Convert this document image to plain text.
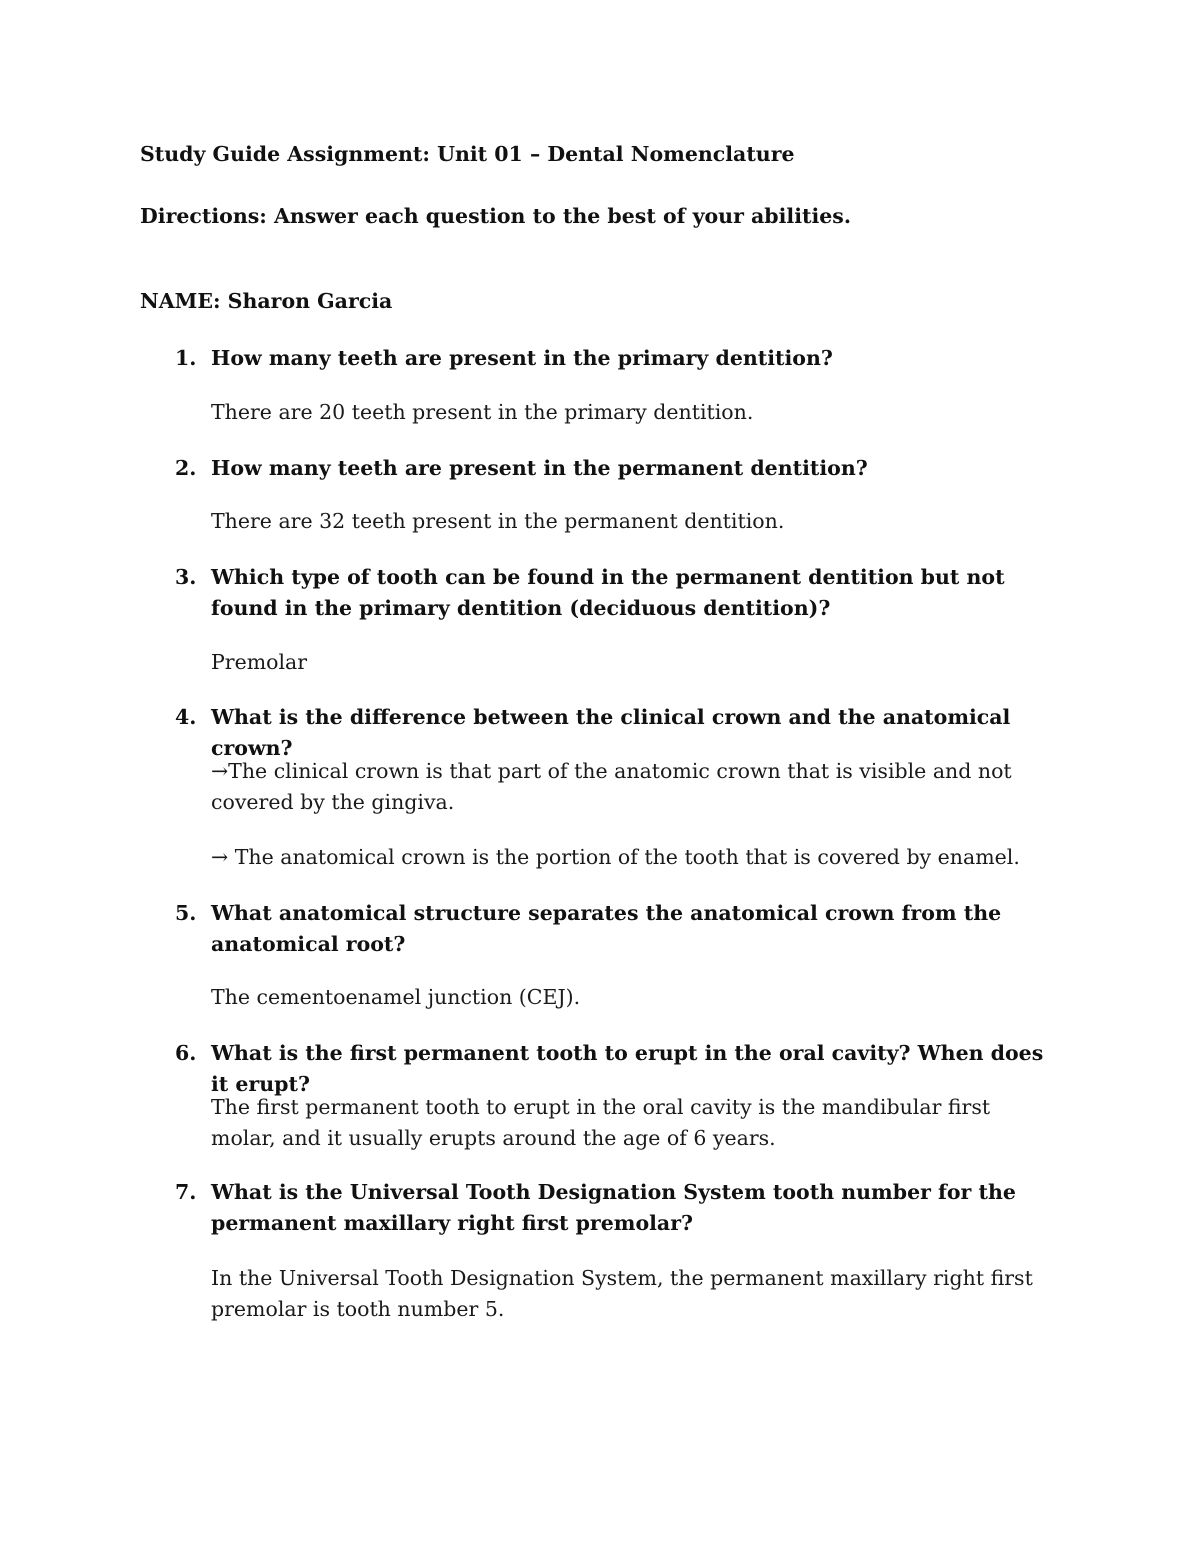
Study Guide Assignment: Unit 01 – Dental Nomenclature
Directions: Answer each question to the best of your abilities.
NAME: Sharon Garcia
1. How many teeth are present in the primary dentition?
There are 20 teeth present in the primary dentition.
2. How many teeth are present in the permanent dentition?
There are 32 teeth present in the permanent dentition.
3. Which type of tooth can be found in the permanent dentition but not found in the primary dentition (deciduous dentition)?
Premolar
4. What is the difference between the clinical crown and the anatomical crown?
→The clinical crown is that part of the anatomic crown that is visible and not covered by the gingiva.
→ The anatomical crown is the portion of the tooth that is covered by enamel.
5. What anatomical structure separates the anatomical crown from the anatomical root?
The cementoenamel junction (CEJ).
6. What is the first permanent tooth to erupt in the oral cavity? When does it erupt?
The first permanent tooth to erupt in the oral cavity is the mandibular first molar, and it usually erupts around the age of 6 years.
7. What is the Universal Tooth Designation System tooth number for the permanent maxillary right first premolar?
In the Universal Tooth Designation System, the permanent maxillary right first premolar is tooth number 5.
